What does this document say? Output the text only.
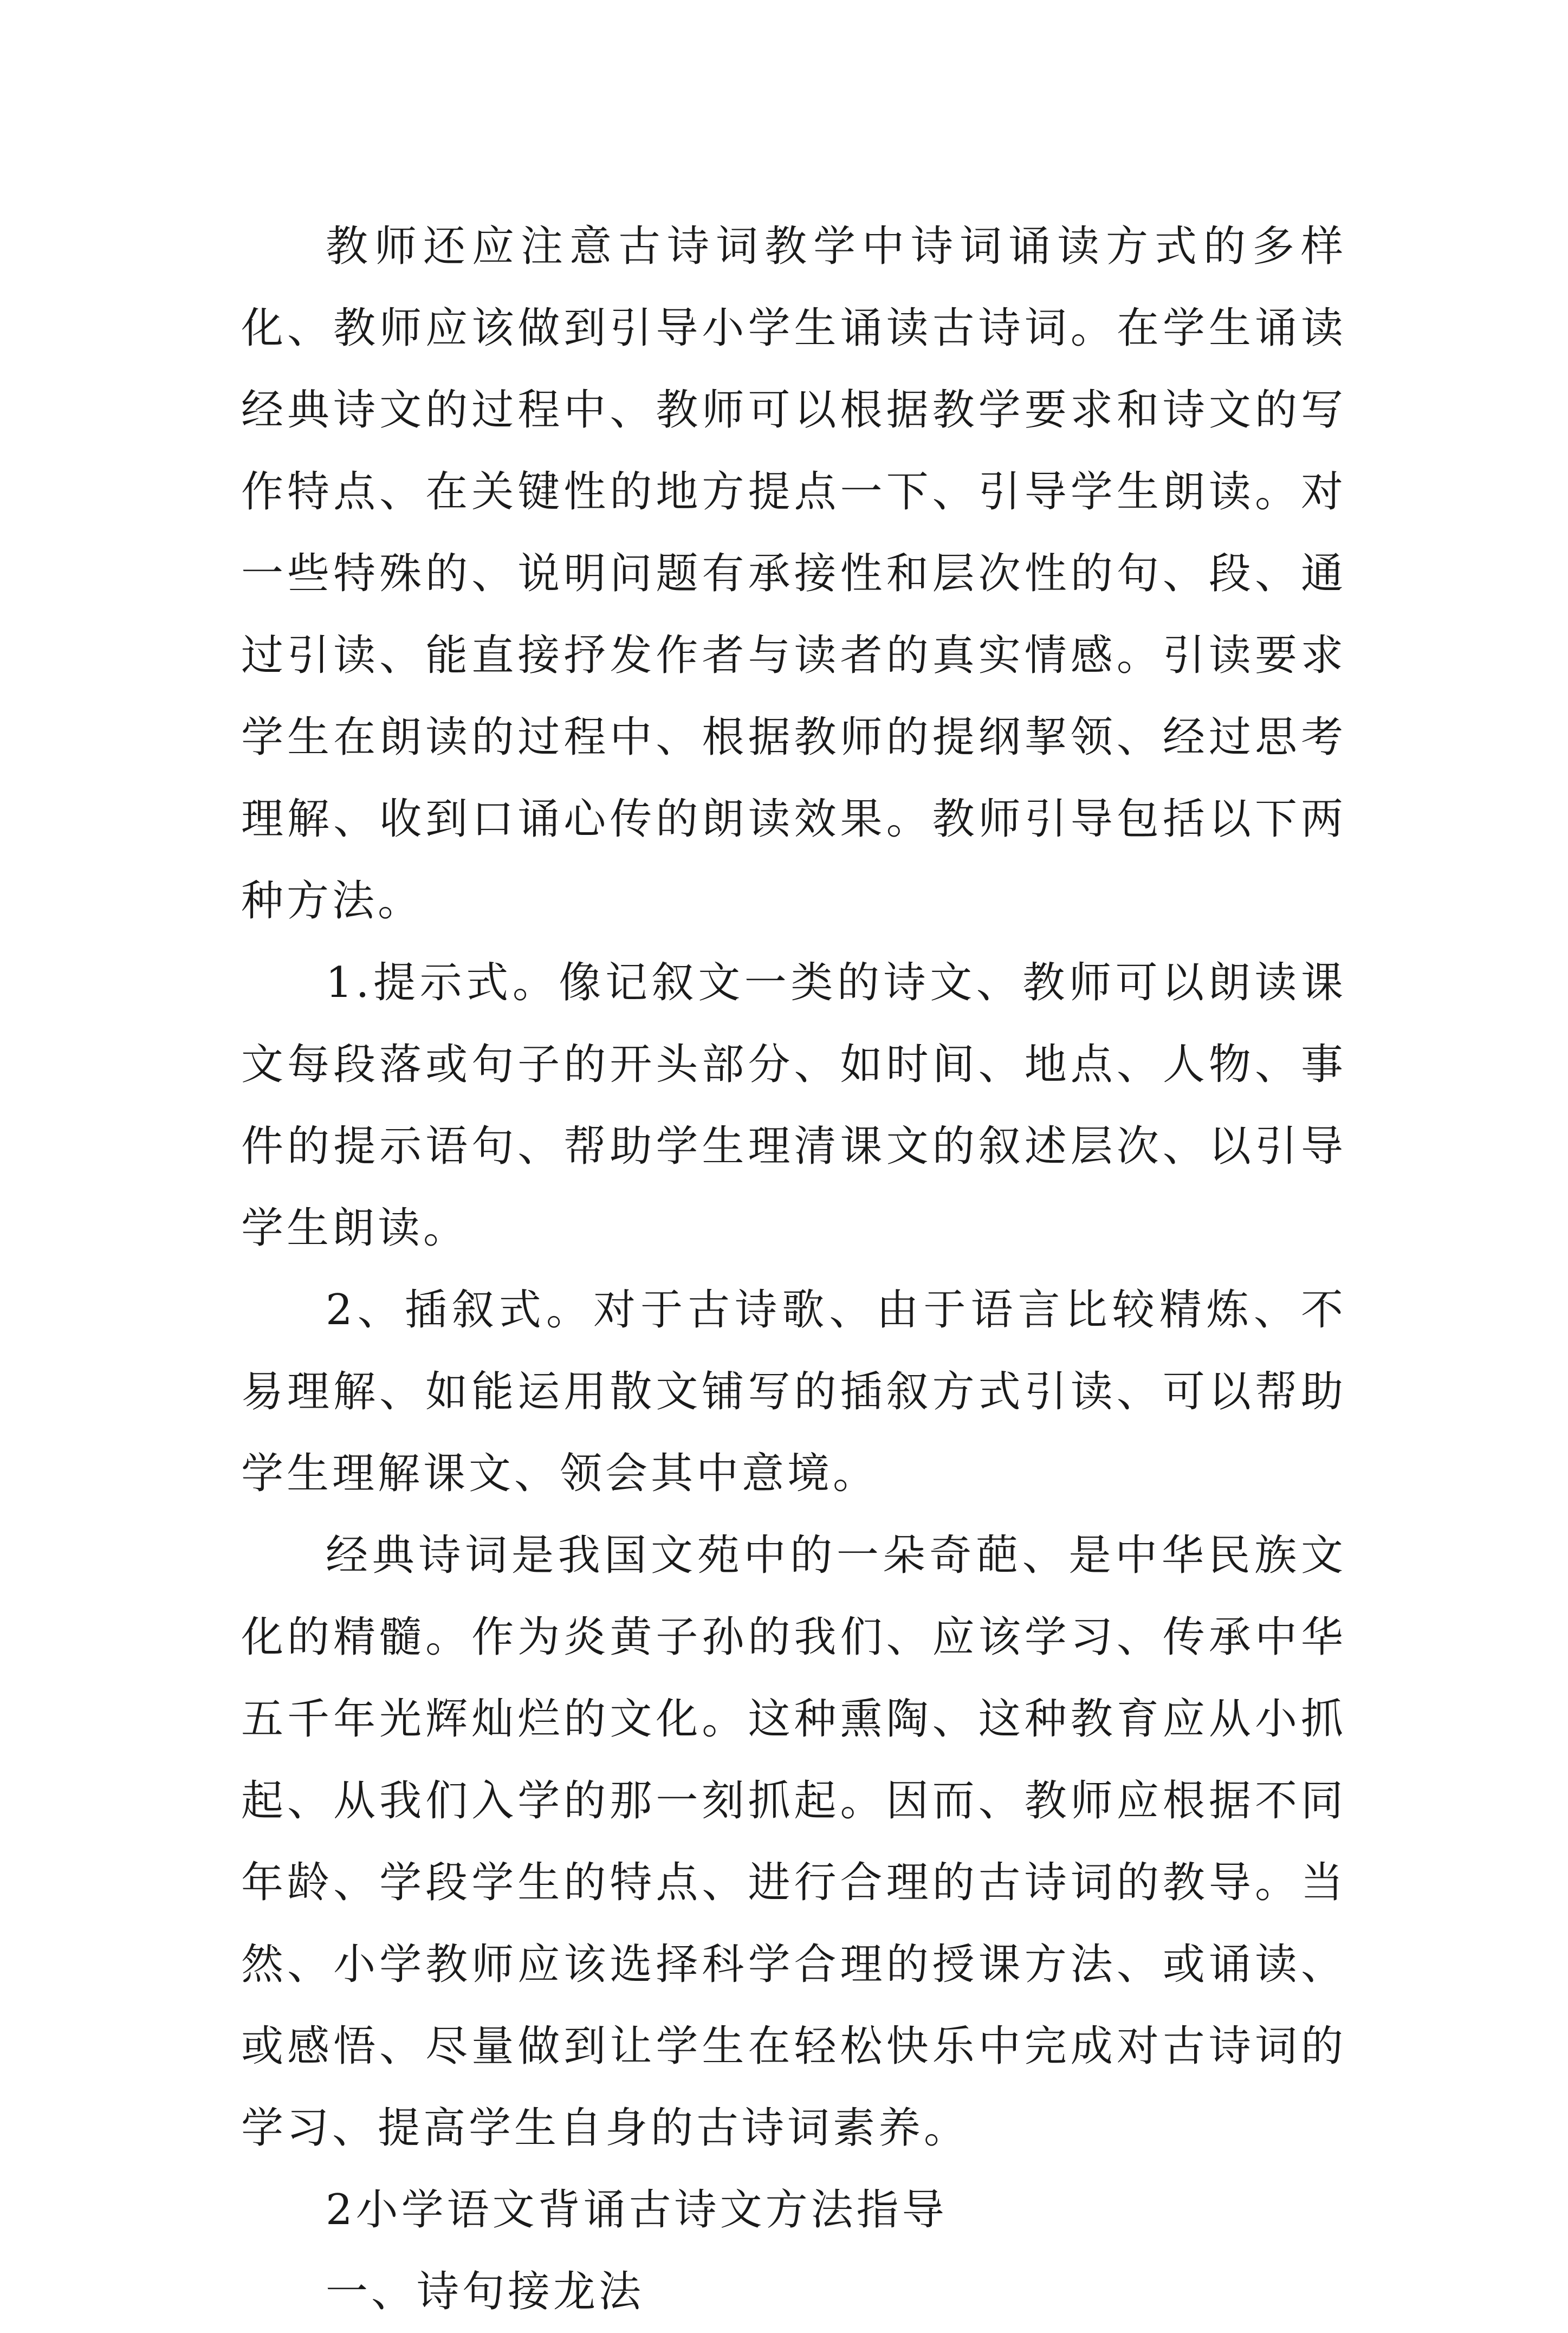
教师还应注意古诗词教学中诗词诵读方式的多样化、教师应该做到引导小学生诵读古诗词。在学生诵读经典诗文的过程中、教师可以根据教学要求和诗文的写作特点、在关键性的地方提点一下、引导学生朗读。对一些特殊的、说明问题有承接性和层次性的句、段、通过引读、能直接抒发作者与读者的真实情感。引读要求学生在朗读的过程中、根据教师的提纲挈领、经过思考理解、收到口诵心传的朗读效果。教师引导包括以下两种方法。

1.提示式。像记叙文一类的诗文、教师可以朗读课文每段落或句子的开头部分、如时间、地点、人物、事件的提示语句、帮助学生理清课文的叙述层次、以引导学生朗读。

2、插叙式。对于古诗歌、由于语言比较精炼、不易理解、如能运用散文铺写的插叙方式引读、可以帮助学生理解课文、领会其中意境。

经典诗词是我国文苑中的一朵奇葩、是中华民族文化的精髓。作为炎黄子孙的我们、应该学习、传承中华五千年光辉灿烂的文化。这种熏陶、这种教育应从小抓起、从我们入学的那一刻抓起。因而、教师应根据不同年龄、学段学生的特点、进行合理的古诗词的教导。当然、小学教师应该选择科学合理的授课方法、或诵读、或感悟、尽量做到让学生在轻松快乐中完成对古诗词的学习、提高学生自身的古诗词素养。

2小学语文背诵古诗文方法指导

一、诗句接龙法
